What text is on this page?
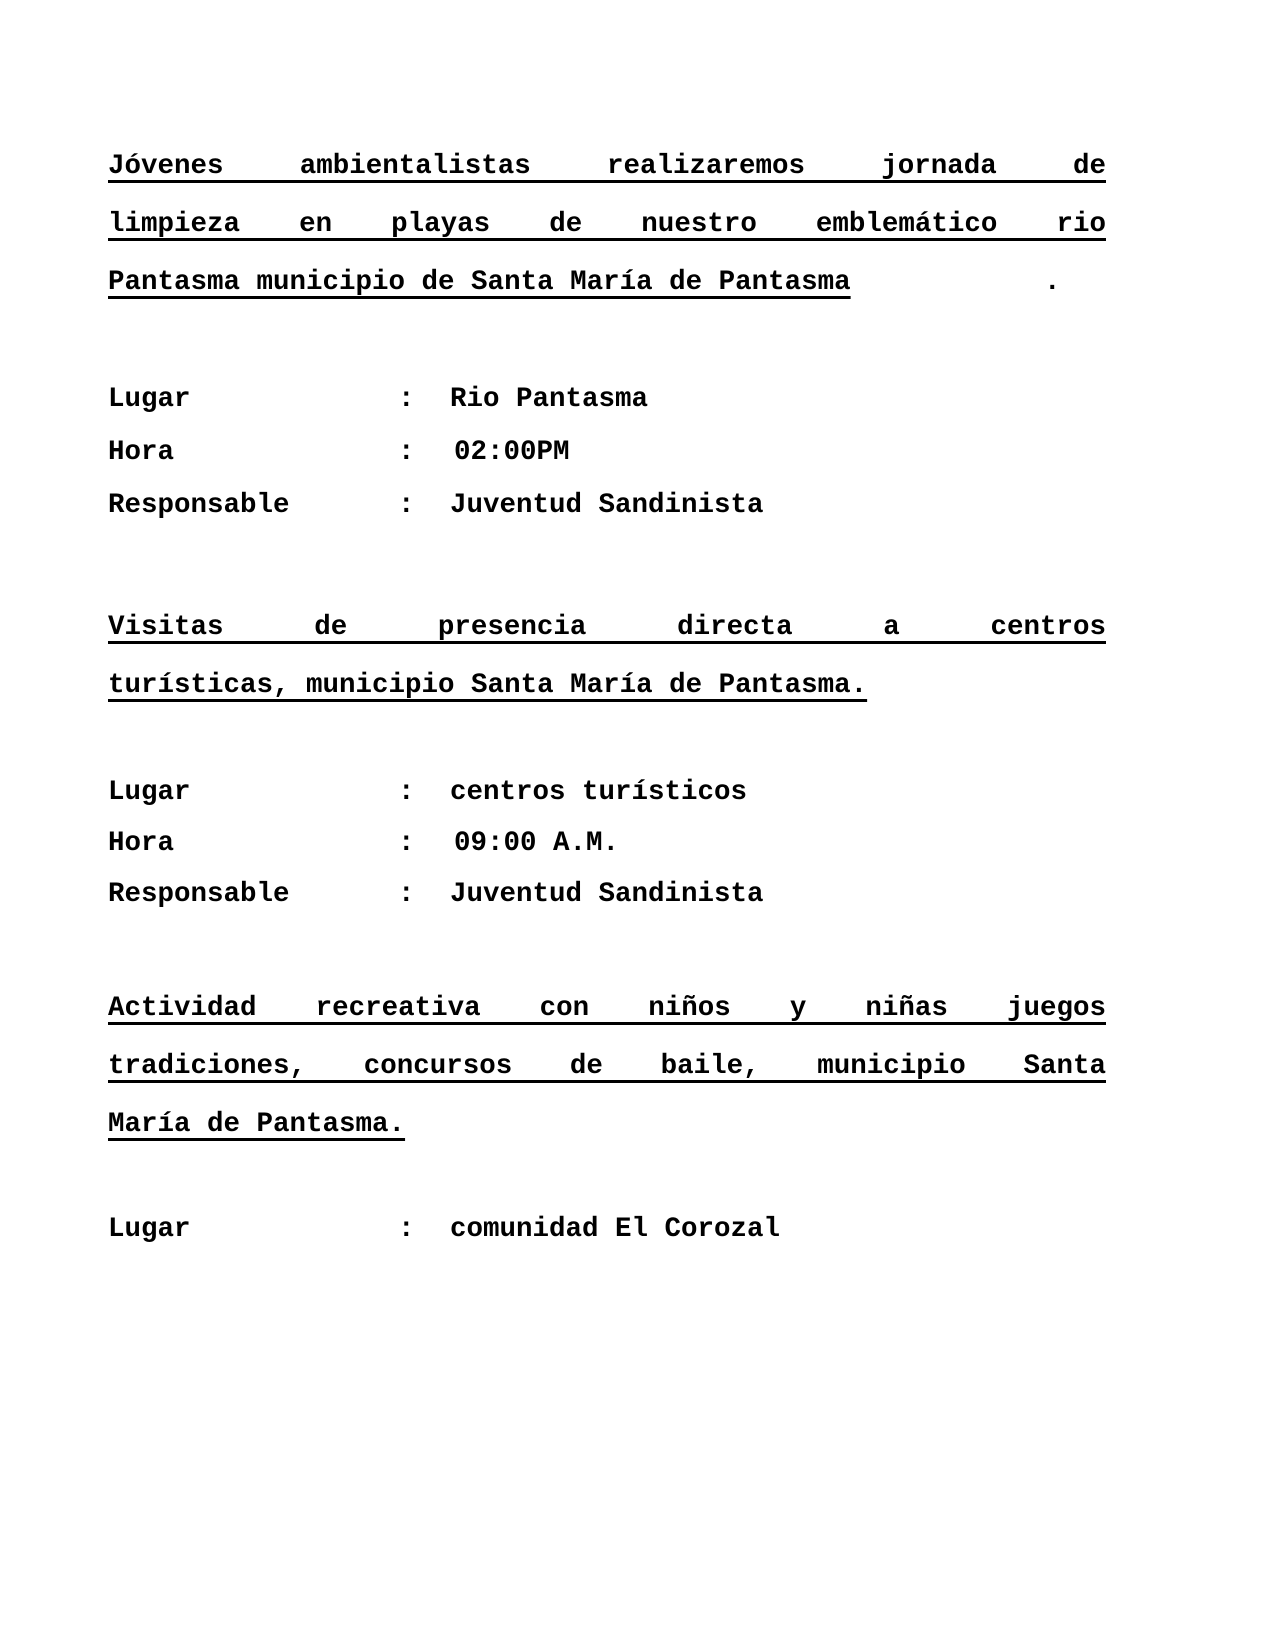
Jóvenes ambientalistas realizaremos jornada de
limpieza en playas de nuestro emblemático rio
Pantasma municipio de Santa María de Pantasma	.
Lugar	:	Rio Pantasma
Hora	:	02:00PM
Responsable	:	Juventud Sandinista
Visitas de presencia directa a centros
turísticas, municipio Santa María de Pantasma.
Lugar	:	centros turísticos
Hora	:	09:00 A.M.
Responsable	:	Juventud Sandinista
Actividad recreativa con niños y niñas juegos
tradiciones, concursos de baile, municipio Santa
María de Pantasma.
Lugar	:	comunidad El Corozal
